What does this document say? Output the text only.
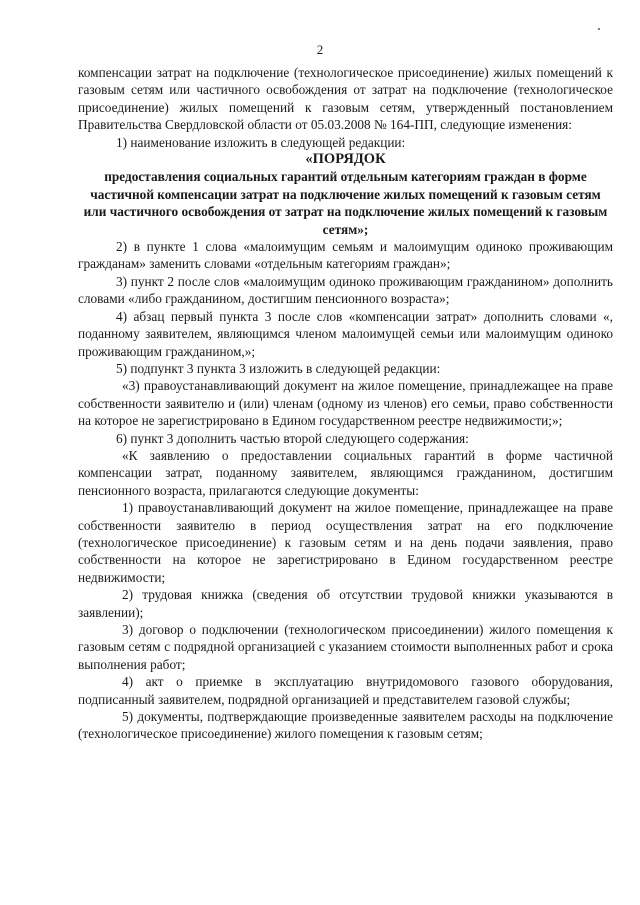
2

компенсации затрат на подключение (технологическое присоединение) жилых помещений к газовым сетям или частичного освобождения от затрат на подключение (технологическое присоединение) жилых помещений к газовым сетям, утвержденный постановлением Правительства Свердловской области от 05.03.2008 № 164-ПП, следующие изменения:

1) наименование изложить в следующей редакции:

«ПОРЯДОК

предоставления социальных гарантий отдельным категориям граждан в форме частичной компенсации затрат на подключение жилых помещений к газовым сетям или частичного освобождения от затрат на подключение жилых помещений к газовым сетям»;

2) в пункте 1 слова «малоимущим семьям и малоимущим одиноко проживающим гражданам» заменить словами «отдельным категориям граждан»;

3) пункт 2 после слов «малоимущим одиноко проживающим гражданином» дополнить словами «либо гражданином, достигшим пенсионного возраста»;

4) абзац первый пункта 3 после слов «компенсации затрат» дополнить словами «, поданному заявителем, являющимся членом малоимущей семьи или малоимущим одиноко проживающим гражданином,»;

5) подпункт 3 пункта 3 изложить в следующей редакции:

«3) правоустанавливающий документ на жилое помещение, принадлежащее на праве собственности заявителю и (или) членам (одному из членов) его семьи, право собственности на которое не зарегистрировано в Едином государственном реестре недвижимости;»;

6) пункт 3 дополнить частью второй следующего содержания:

«К заявлению о предоставлении социальных гарантий в форме частичной компенсации затрат, поданному заявителем, являющимся гражданином, достигшим пенсионного возраста, прилагаются следующие документы:

1) правоустанавливающий документ на жилое помещение, принадлежащее на праве собственности заявителю в период осуществления затрат на его подключение (технологическое присоединение) к газовым сетям и на день подачи заявления, право собственности на которое не зарегистрировано в Едином государственном реестре недвижимости;

2) трудовая книжка (сведения об отсутствии трудовой книжки указываются в заявлении);

3) договор о подключении (технологическом присоединении) жилого помещения к газовым сетям с подрядной организацией с указанием стоимости выполненных работ и срока выполнения работ;

4) акт о приемке в эксплуатацию внутридомового газового оборудования, подписанный заявителем, подрядной организацией и представителем газовой службы;

5) документы, подтверждающие произведенные заявителем расходы на подключение (технологическое присоединение) жилого помещения к газовым сетям;
